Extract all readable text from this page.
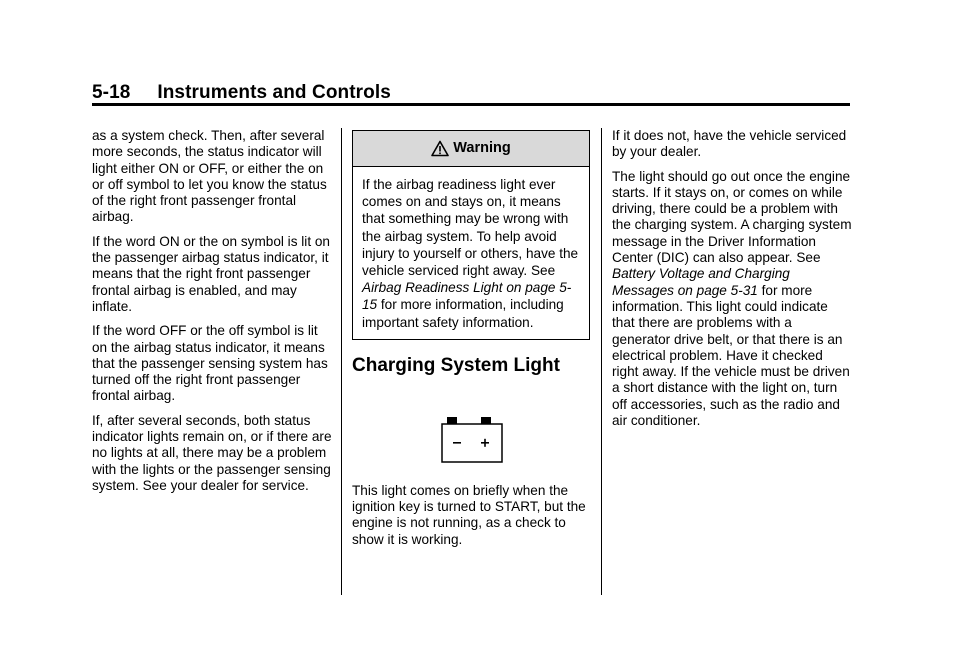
5-18     Instruments and Controls

as a system check. Then, after several more seconds, the status indicator will light either ON or OFF, or either the on or off symbol to let you know the status of the right front passenger frontal airbag.

If the word ON or the on symbol is lit on the passenger airbag status indicator, it means that the right front passenger frontal airbag is enabled, and may inflate.

If the word OFF or the off symbol is lit on the airbag status indicator, it means that the passenger sensing system has turned off the right front passenger frontal airbag.

If, after several seconds, both status indicator lights remain on, or if there are no lights at all, there may be a problem with the lights or the passenger sensing system. See your dealer for service.

Warning
If the airbag readiness light ever comes on and stays on, it means that something may be wrong with the airbag system. To help avoid injury to yourself or others, have the vehicle serviced right away. See Airbag Readiness Light on page 5-15 for more information, including important safety information.
Charging System Light

This light comes on briefly when the ignition key is turned to START, but the engine is not running, as a check to show it is working.

If it does not, have the vehicle serviced by your dealer.

The light should go out once the engine starts. If it stays on, or comes on while driving, there could be a problem with the charging system. A charging system message in the Driver Information Center (DIC) can also appear. See Battery Voltage and Charging Messages on page 5-31 for more information. This light could indicate that there are problems with a generator drive belt, or that there is an electrical problem. Have it checked right away. If the vehicle must be driven a short distance with the light on, turn off accessories, such as the radio and air conditioner.
